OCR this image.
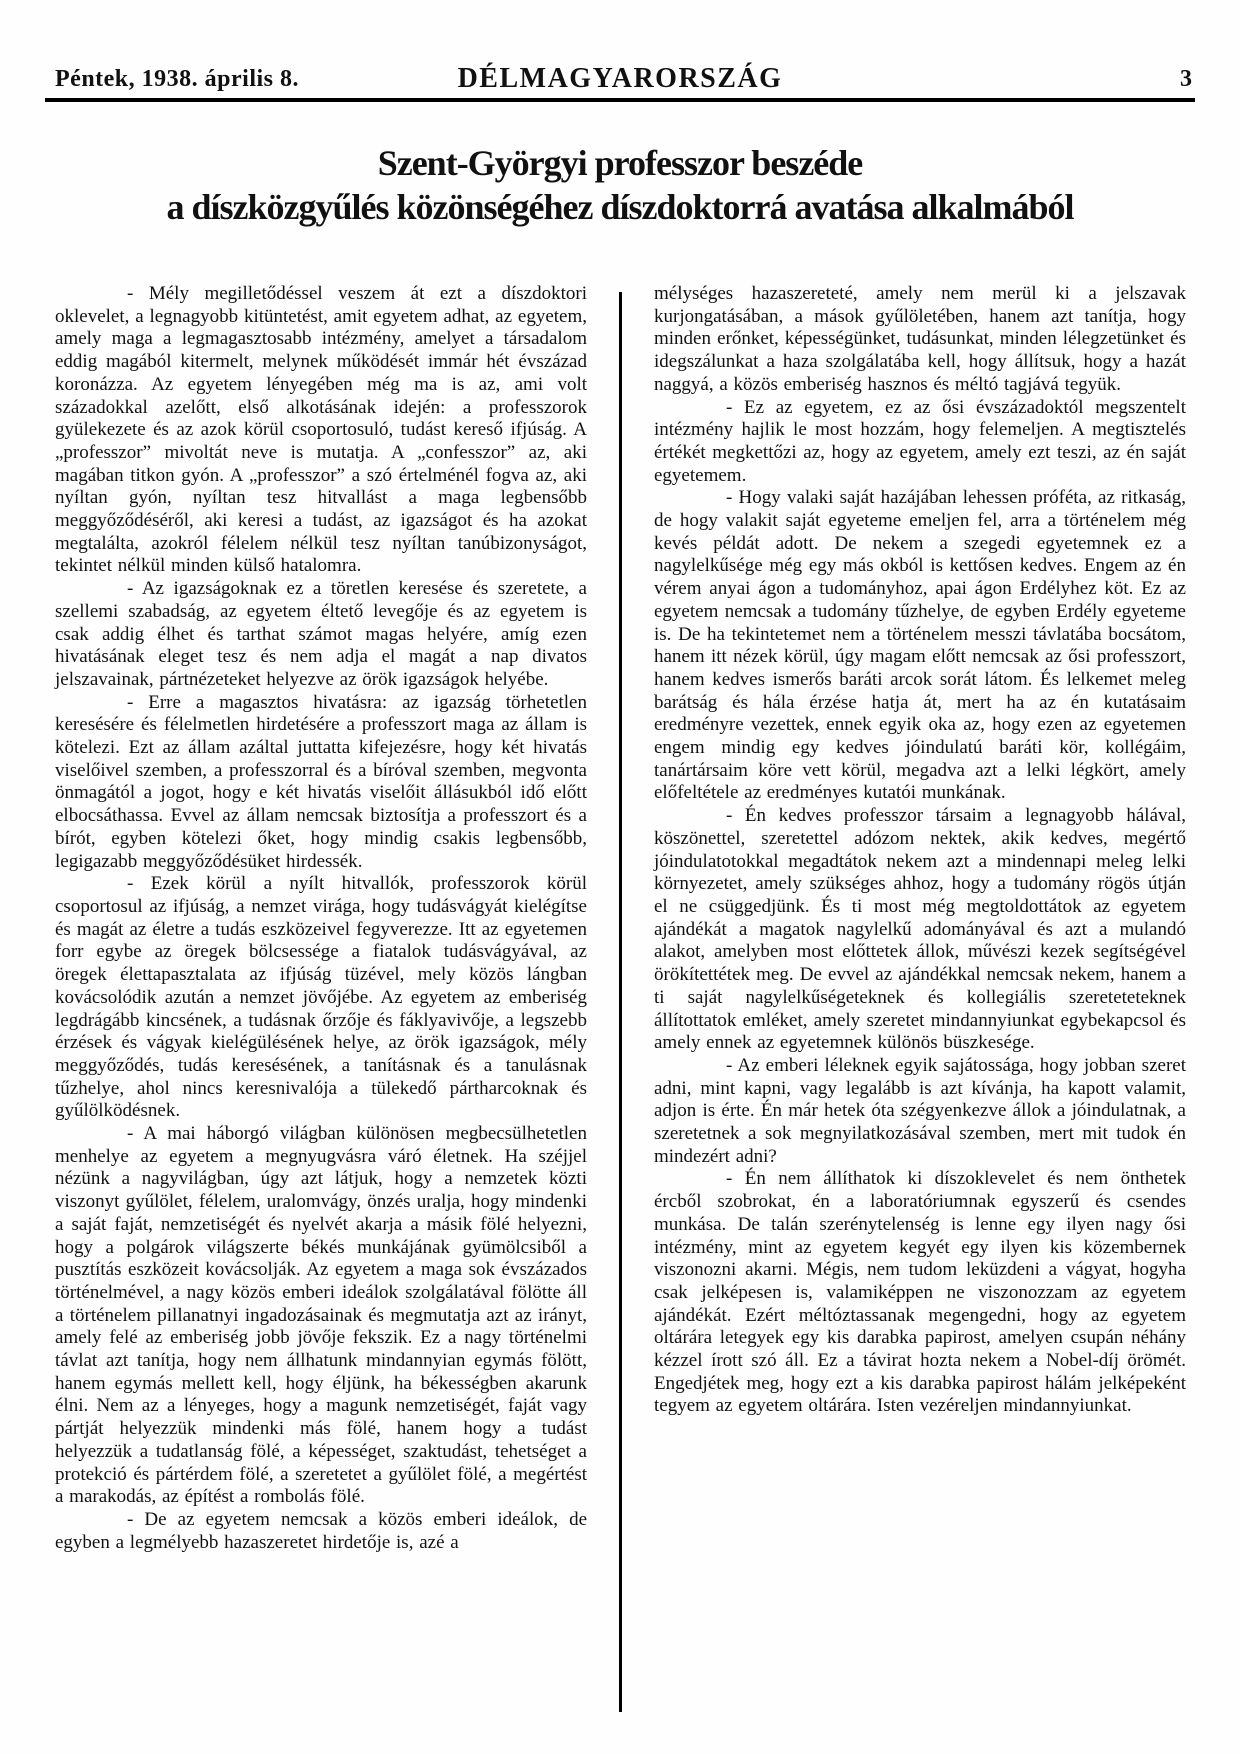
Péntek, 1938. április 8.	DÉLMAGYARORSZÁG	3
Szent-Györgyi professzor beszéde
a díszközgyűlés közönségéhez díszdoktorrá avatása alkalmából

- Mély megilletődéssel veszem át ezt a díszdoktori oklevelet, a legnagyobb kitüntetést, amit egyetem adhat, az egyetem, amely maga a legmagasztosabb intézmény, amelyet a társadalom eddig magából kitermelt, melynek működését immár hét évszázad koronázza. Az egyetem lényegében még ma is az, ami volt századokkal azelőtt, első alkotásának idején: a professzorok gyülekezete és az azok körül csoportosuló, tudást kereső ifjúság. A „professzor” mivoltát neve is mutatja. A „confesszor” az, aki magában titkon gyón. A „professzor” a szó értelménél fogva az, aki nyíltan gyón, nyíltan tesz hitvallást a maga legbensőbb meggyőződéséről, aki keresi a tudást, az igazságot és ha azokat megtalálta, azokról félelem nélkül tesz nyíltan tanúbizonyságot, tekintet nélkül minden külső hatalomra.

- Az igazságoknak ez a töretlen keresése és szeretete, a szellemi szabadság, az egyetem éltető levegője és az egyetem is csak addig élhet és tarthat számot magas helyére, amíg ezen hivatásának eleget tesz és nem adja el magát a nap divatos jelszavainak, pártnézeteket helyezve az örök igazságok helyébe.

- Erre a magasztos hivatásra: az igazság törhetetlen keresésére és félelmetlen hirdetésére a professzort maga az állam is kötelezi. Ezt az állam azáltal juttatta kifejezésre, hogy két hivatás viselőivel szemben, a professzorral és a bíróval szemben, megvonta önmagától a jogot, hogy e két hivatás viselőit állásukból idő előtt elbocsáthassa. Evvel az állam nemcsak biztosítja a professzort és a bírót, egyben kötelezi őket, hogy mindig csakis legbensőbb, legigazabb meggyőződésüket hirdessék.

- Ezek körül a nyílt hitvallók, professzorok körül csoportosul az ifjúság, a nemzet virága, hogy tudásvágyát kielégítse és magát az életre a tudás eszközeivel fegyverezze. Itt az egyetemen forr egybe az öregek bölcsessége a fiatalok tudásvágyával, az öregek élettapasztalata az ifjúság tüzével, mely közös lángban kovácsolódik azután a nemzet jövőjébe. Az egyetem az emberiség legdrágább kincsének, a tudásnak őrzője és fáklyavivője, a legszebb érzések és vágyak kielégülésének helye, az örök igazságok, mély meggyőződés, tudás keresésének, a tanításnak és a tanulásnak tűzhelye, ahol nincs keresnivalója a tülekedő pártharcoknak és gyűlölködésnek.

- A mai háborgó világban különösen megbecsülhetetlen menhelye az egyetem a megnyugvásra váró életnek. Ha széjjel nézünk a nagyvilágban, úgy azt látjuk, hogy a nemzetek közti viszonyt gyűlölet, félelem, uralomvágy, önzés uralja, hogy mindenki a saját faját, nemzetiségét és nyelvét akarja a másik fölé helyezni, hogy a polgárok világszerte békés munkájának gyümölcsiből a pusztítás eszközeit kovácsolják. Az egyetem a maga sok évszázados történelmével, a nagy közös emberi ideálok szolgálatával fölötte áll a történelem pillanatnyi ingadozásainak és megmutatja azt az irányt, amely felé az emberiség jobb jövője fekszik. Ez a nagy történelmi távlat azt tanítja, hogy nem állhatunk mindannyian egymás fölött, hanem egymás mellett kell, hogy éljünk, ha békességben akarunk élni. Nem az a lényeges, hogy a magunk nemzetiségét, faját vagy pártját helyezzük mindenki más fölé, hanem hogy a tudást helyezzük a tudatlanság fölé, a képességet, szaktudást, tehetséget a protekció és pártérdem fölé, a szeretetet a gyűlölet fölé, a megértést a marakodás, az építést a rombolás fölé.

- De az egyetem nemcsak a közös emberi ideálok, de egyben a legmélyebb hazaszeretet hirdetője is, azé a

mélységes hazaszereteté, amely nem merül ki a jelszavak kurjongatásában, a mások gyűlöletében, hanem azt tanítja, hogy minden erőnket, képességünket, tudásunkat, minden lélegzetünket és idegszálunkat a haza szolgálatába kell, hogy állítsuk, hogy a hazát naggyá, a közös emberiség hasznos és méltó tagjává tegyük.

- Ez az egyetem, ez az ősi évszázadoktól megszentelt intézmény hajlik le most hozzám, hogy felemeljen. A megtisztelés értékét megkettőzi az, hogy az egyetem, amely ezt teszi, az én saját egyetemem.

- Hogy valaki saját hazájában lehessen próféta, az ritkaság, de hogy valakit saját egyeteme emeljen fel, arra a történelem még kevés példát adott. De nekem a szegedi egyetemnek ez a nagylelkűsége még egy más okból is kettősen kedves. Engem az én vérem anyai ágon a tudományhoz, apai ágon Erdélyhez köt. Ez az egyetem nemcsak a tudomány tűzhelye, de egyben Erdély egyeteme is. De ha tekintetemet nem a történelem messzi távlatába bocsátom, hanem itt nézek körül, úgy magam előtt nemcsak az ősi professzort, hanem kedves ismerős baráti arcok sorát látom. És lelkemet meleg barátság és hála érzése hatja át, mert ha az én kutatásaim eredményre vezettek, ennek egyik oka az, hogy ezen az egyetemen engem mindig egy kedves jóindulatú baráti kör, kollégáim, tanártársaim köre vett körül, megadva azt a lelki légkört, amely előfeltétele az eredményes kutatói munkának.

- Én kedves professzor társaim a legnagyobb hálával, köszönettel, szeretettel adózom nektek, akik kedves, megértő jóindulatotokkal megadtátok nekem azt a mindennapi meleg lelki környezetet, amely szükséges ahhoz, hogy a tudomány rögös útján el ne csüggedjünk. És ti most még megtoldottátok az egyetem ajándékát a magatok nagylelkű adományával és azt a mulandó alakot, amelyben most előttetek állok, művészi kezek segítségével örökítettétek meg. De evvel az ajándékkal nemcsak nekem, hanem a ti saját nagylelkűségeteknek és kollegiális szereteteteknek állítottatok emléket, amely szeretet mindannyiunkat egybekapcsol és amely ennek az egyetemnek különös büszkesége.

- Az emberi léleknek egyik sajátossága, hogy jobban szeret adni, mint kapni, vagy legalább is azt kívánja, ha kapott valamit, adjon is érte. Én már hetek óta szégyenkezve állok a jóindulatnak, a szeretetnek a sok megnyilatkozásával szemben, mert mit tudok én mindezért adni?

- Én nem állíthatok ki díszoklevelet és nem önthetek ércből szobrokat, én a laboratóriumnak egyszerű és csendes munkása. De talán szerénytelenség is lenne egy ilyen nagy ősi intézmény, mint az egyetem kegyét egy ilyen kis közembernek viszonozni akarni. Mégis, nem tudom leküzdeni a vágyat, hogyha csak jelképesen is, valamiképpen ne viszonozzam az egyetem ajándékát. Ezért méltóztassanak megengedni, hogy az egyetem oltárára letegyek egy kis darabka papirost, amelyen csupán néhány kézzel írott szó áll. Ez a távirat hozta nekem a Nobel-díj örömét. Engedjétek meg, hogy ezt a kis darabka papirost hálám jelképeként tegyem az egyetem oltárára. Isten vezéreljen mindannyiunkat.
